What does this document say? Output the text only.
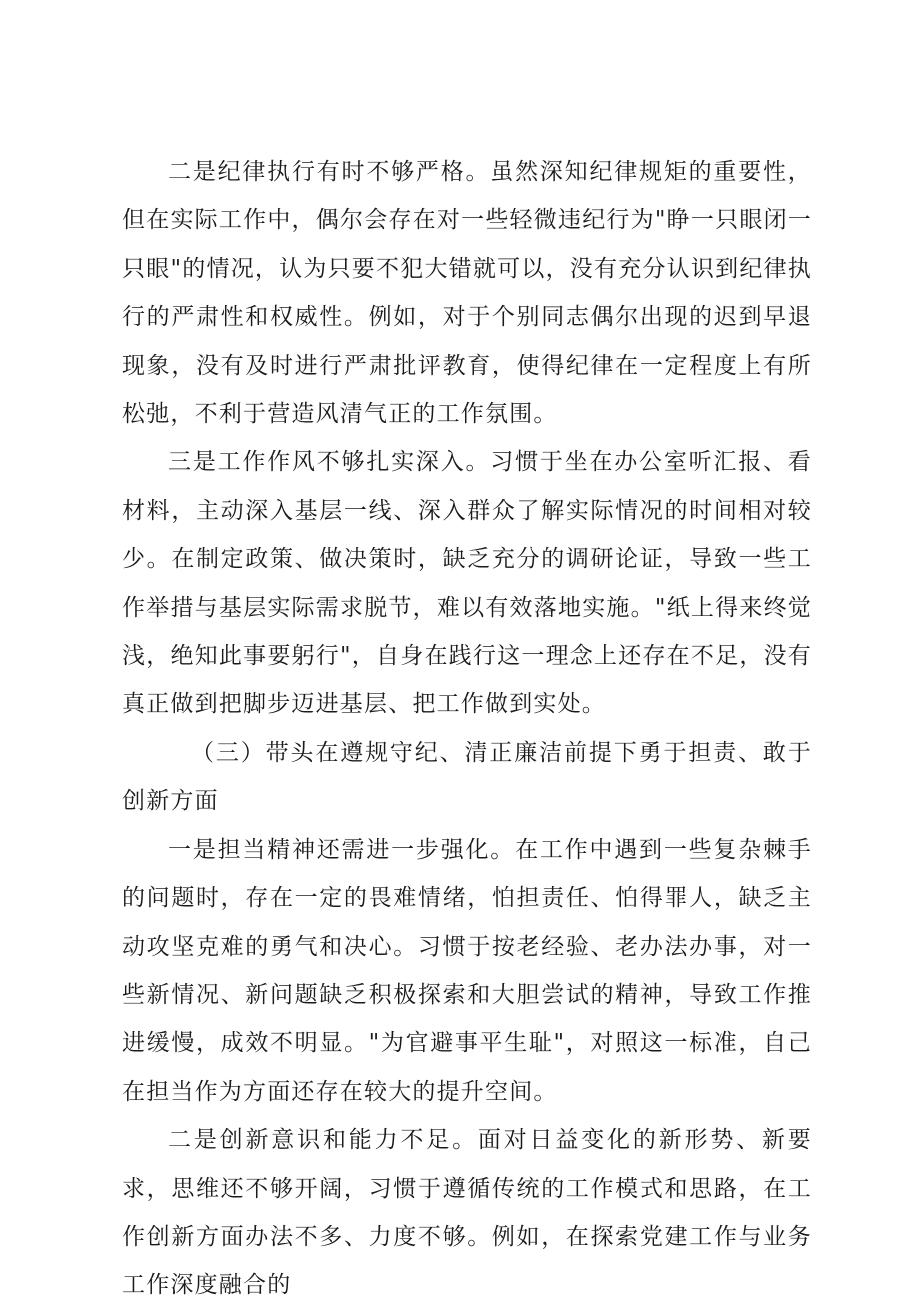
二是纪律执行有时不够严格。虽然深知纪律规矩的重要性，但在实际工作中，偶尔会存在对一些轻微违纪行为"睁一只眼闭一只眼"的情况，认为只要不犯大错就可以，没有充分认识到纪律执行的严肃性和权威性。例如，对于个别同志偶尔出现的迟到早退现象，没有及时进行严肃批评教育，使得纪律在一定程度上有所松弛，不利于营造风清气正的工作氛围。

三是工作作风不够扎实深入。习惯于坐在办公室听汇报、看材料，主动深入基层一线、深入群众了解实际情况的时间相对较少。在制定政策、做决策时，缺乏充分的调研论证，导致一些工作举措与基层实际需求脱节，难以有效落地实施。"纸上得来终觉浅，绝知此事要躬行"，自身在践行这一理念上还存在不足，没有真正做到把脚步迈进基层、把工作做到实处。

（三）带头在遵规守纪、清正廉洁前提下勇于担责、敢于创新方面

一是担当精神还需进一步强化。在工作中遇到一些复杂棘手的问题时，存在一定的畏难情绪，怕担责任、怕得罪人，缺乏主动攻坚克难的勇气和决心。习惯于按老经验、老办法办事，对一些新情况、新问题缺乏积极探索和大胆尝试的精神，导致工作推进缓慢，成效不明显。"为官避事平生耻"，对照这一标准，自己在担当作为方面还存在较大的提升空间。

二是创新意识和能力不足。面对日益变化的新形势、新要求，思维还不够开阔，习惯于遵循传统的工作模式和思路，在工作创新方面办法不多、力度不够。例如，在探索党建工作与业务工作深度融合的
